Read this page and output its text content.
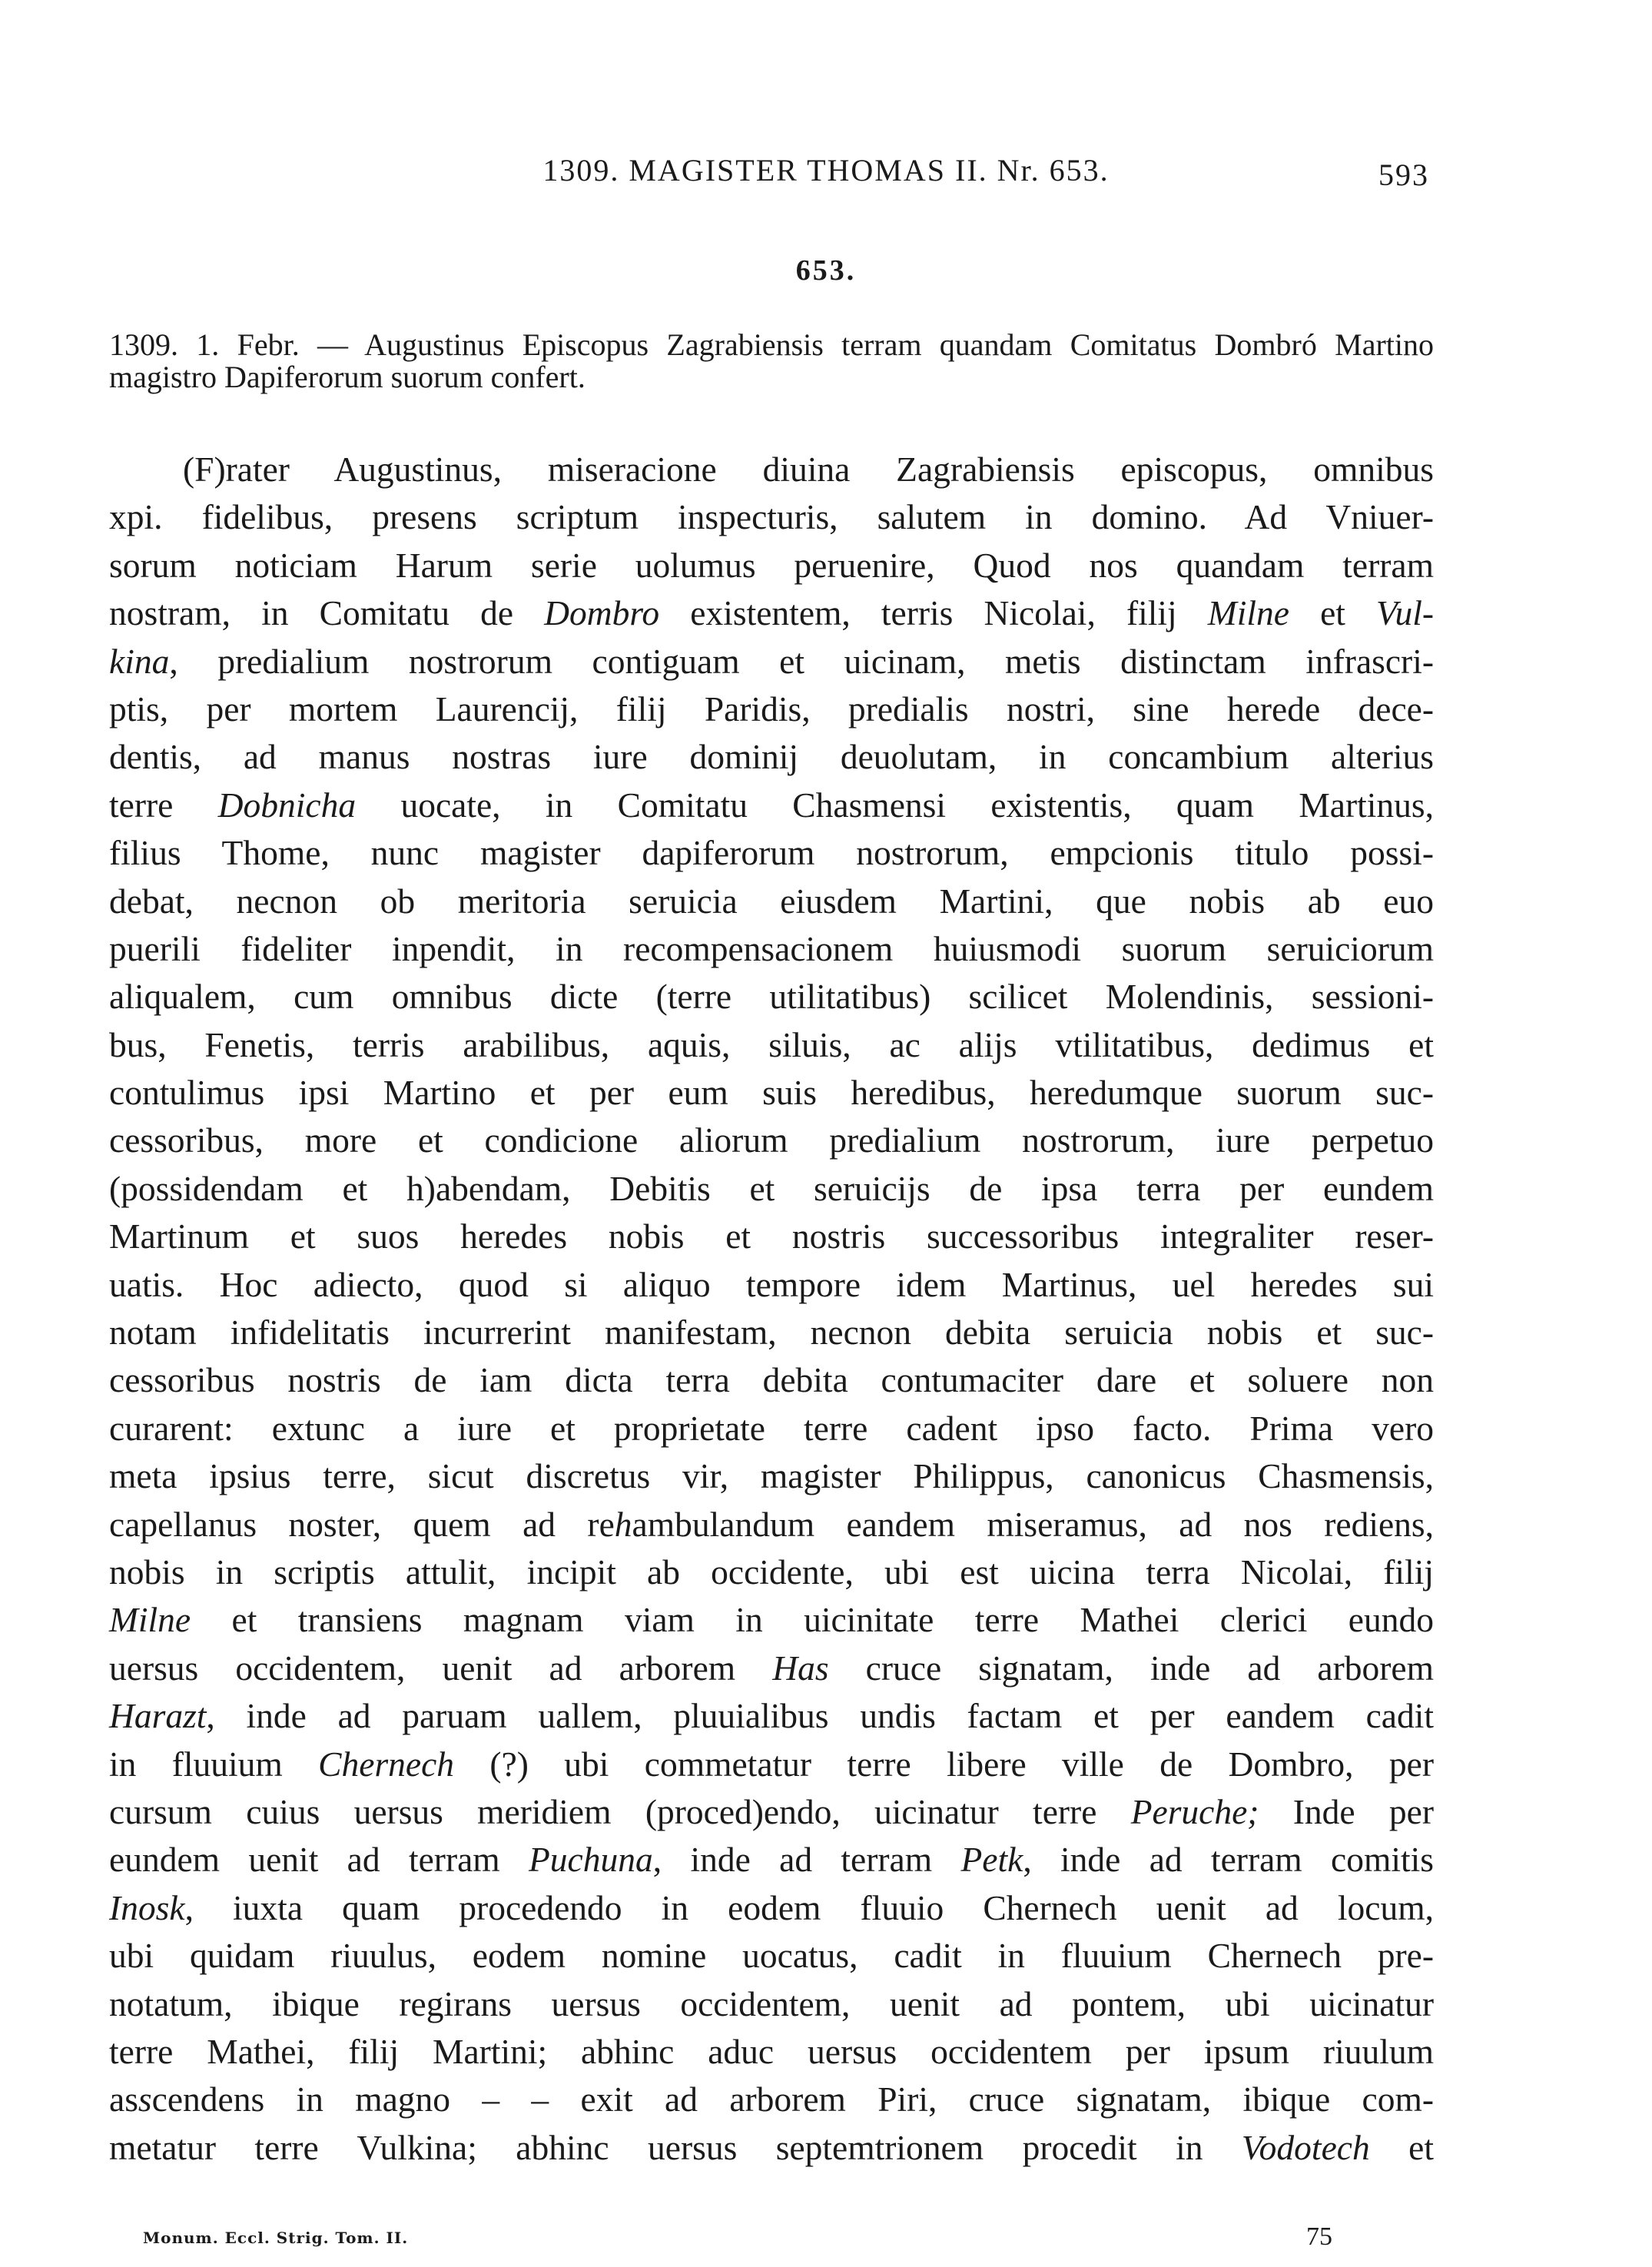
1309. MAGISTER THOMAS II. Nr. 653.	593
653.
1309. 1. Febr. — Augustinus Episcopus Zagrabiensis terram quandam Comitatus Dombró Martino magistro Dapiferorum suorum confert.
(F)rater Augustinus, miseracione diuina Zagrabiensis episcopus, omnibus
xpi. fidelibus, presens scriptum inspecturis, salutem in domino. Ad Vniuer-
sorum noticiam Harum serie uolumus peruenire, Quod nos quandam terram
nostram, in Comitatu de Dombro existentem, terris Nicolai, filij Milne et Vul-
kina, predialium nostrorum contiguam et uicinam, metis distinctam infrascri-
ptis, per mortem Laurencij, filij Paridis, predialis nostri, sine herede dece-
dentis, ad manus nostras iure dominij deuolutam, in concambium alterius
terre Dobnicha uocate, in Comitatu Chasmensi existentis, quam Martinus,
filius Thome, nunc magister dapiferorum nostrorum, empcionis titulo possi-
debat, necnon ob meritoria seruicia eiusdem Martini, que nobis ab euo
puerili fideliter inpendit, in recompensacionem huiusmodi suorum seruiciorum
aliqualem, cum omnibus dicte (terre utilitatibus) scilicet Molendinis, sessioni-
bus, Fenetis, terris arabilibus, aquis, siluis, ac alijs vtilitatibus, dedimus et
contulimus ipsi Martino et per eum suis heredibus, heredumque suorum suc-
cessoribus, more et condicione aliorum predialium nostrorum, iure perpetuo
(possidendam et h)abendam, Debitis et seruicijs de ipsa terra per eundem
Martinum et suos heredes nobis et nostris successoribus integraliter reser-
uatis. Hoc adiecto, quod si aliquo tempore idem Martinus, uel heredes sui
notam infidelitatis incurrerint manifestam, necnon debita seruicia nobis et suc-
cessoribus nostris de iam dicta terra debita contumaciter dare et soluere non
curarent: extunc a iure et proprietate terre cadent ipso facto. Prima vero
meta ipsius terre, sicut discretus vir, magister Philippus, canonicus Chasmensis,
capellanus noster, quem ad rehambulandum eandem miseramus, ad nos rediens,
nobis in scriptis attulit, incipit ab occidente, ubi est uicina terra Nicolai, filij
Milne et transiens magnam viam in uicinitate terre Mathei clerici eundo
uersus occidentem, uenit ad arborem Has cruce signatam, inde ad arborem
Harazt, inde ad paruam uallem, pluuialibus undis factam et per eandem cadit
in fluuium Chernech (?) ubi commetatur terre libere ville de Dombro, per
cursum cuius uersus meridiem (proced)endo, uicinatur terre Peruche; Inde per
eundem uenit ad terram Puchuna, inde ad terram Petk, inde ad terram comitis
Inosk, iuxta quam procedendo in eodem fluuio Chernech uenit ad locum,
ubi quidam riuulus, eodem nomine uocatus, cadit in fluuium Chernech pre-
notatum, ibique regirans uersus occidentem, uenit ad pontem, ubi uicinatur
terre Mathei, filij Martini; abhinc aduc uersus occidentem per ipsum riuulum
asscendens in magno – – exit ad arborem Piri, cruce signatam, ibique com-
metatur terre Vulkina; abhinc uersus septemtrionem procedit in Vodotech et
Monum. Eccl. Strig. Tom. II.	75
